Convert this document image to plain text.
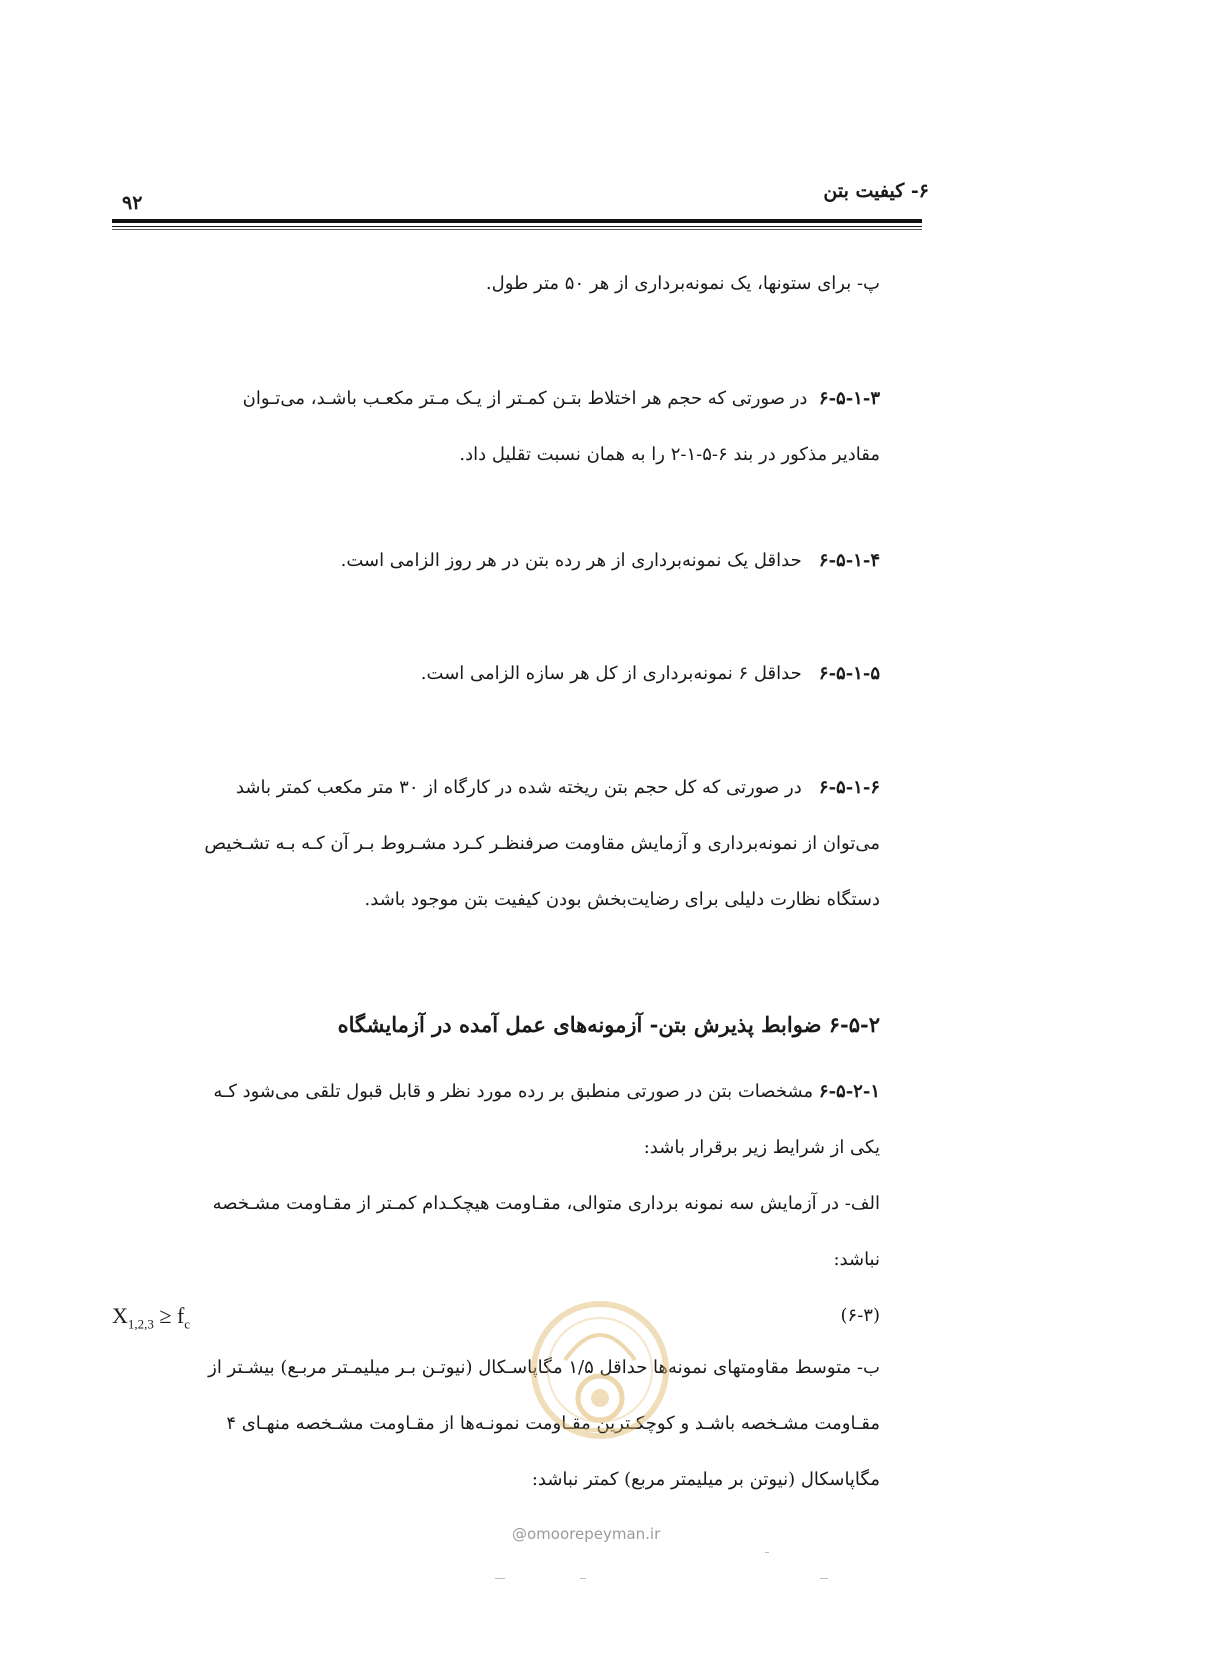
۶- کیفیت بتن
۹۲
پ- برای ستونها، یک نمونه‌برداری از هر ۵۰ متر طول.
۶-۵-۱-۳  در صورتی که حجم هر اختلاط بتـن کمـتر از یـک مـتر مکعـب باشـد، می‌تـوان
مقادیر مذکور در بند ۶-۵-۱-۲ را به همان نسبت تقلیل داد.
۶-۵-۱-۴   حداقل یک نمونه‌برداری از هر رده بتن در هر روز الزامی است.
۶-۵-۱-۵   حداقل ۶ نمونه‌برداری از کل هر سازه الزامی است.
۶-۵-۱-۶   در صورتی که کل حجم بتن ریخته شده در کارگاه از ۳۰ متر مکعب کمتر باشد
می‌توان از نمونه‌برداری و آزمایش مقاومت صرفنظـر کـرد مشـروط بـر آن کـه بـه تشـخیص
دستگاه نظارت دلیلی برای رضایت‌بخش بودن کیفیت بتن موجود باشد.
۶-۵-۲ ضوابط پذیرش بتن- آزمونه‌های عمل آمده در آزمایشگاه
۶-۵-۲-۱ مشخصات بتن در صورتی منطبق بر رده مورد نظر و قابل قبول تلقی می‌شود کـه
یکی از شرایط زیر برقرار باشد:
الف- در آزمایش سه نمونه برداری متوالی، مقـاومت هیچکـدام کمـتر از مقـاومت مشـخصه
نباشد:
$X_{1,2,3} \ge f_c$	(۶-۳)
ب- متوسط مقاومتهای نمونه‌ها حداقل ۱/۵ مگاپاسـکال (نیوتـن بـر میلیمـتر مربـع) بیشـتر از
مقـاومت مشـخصه باشـد و کوچکـترین مقـاومت نمونـه‌ها از مقـاومت مشـخصه منهـای ۴
مگاپاسکال (نیوتن بر میلیمتر مربع) کمتر نباشد:
@omoorepeyman.ir
